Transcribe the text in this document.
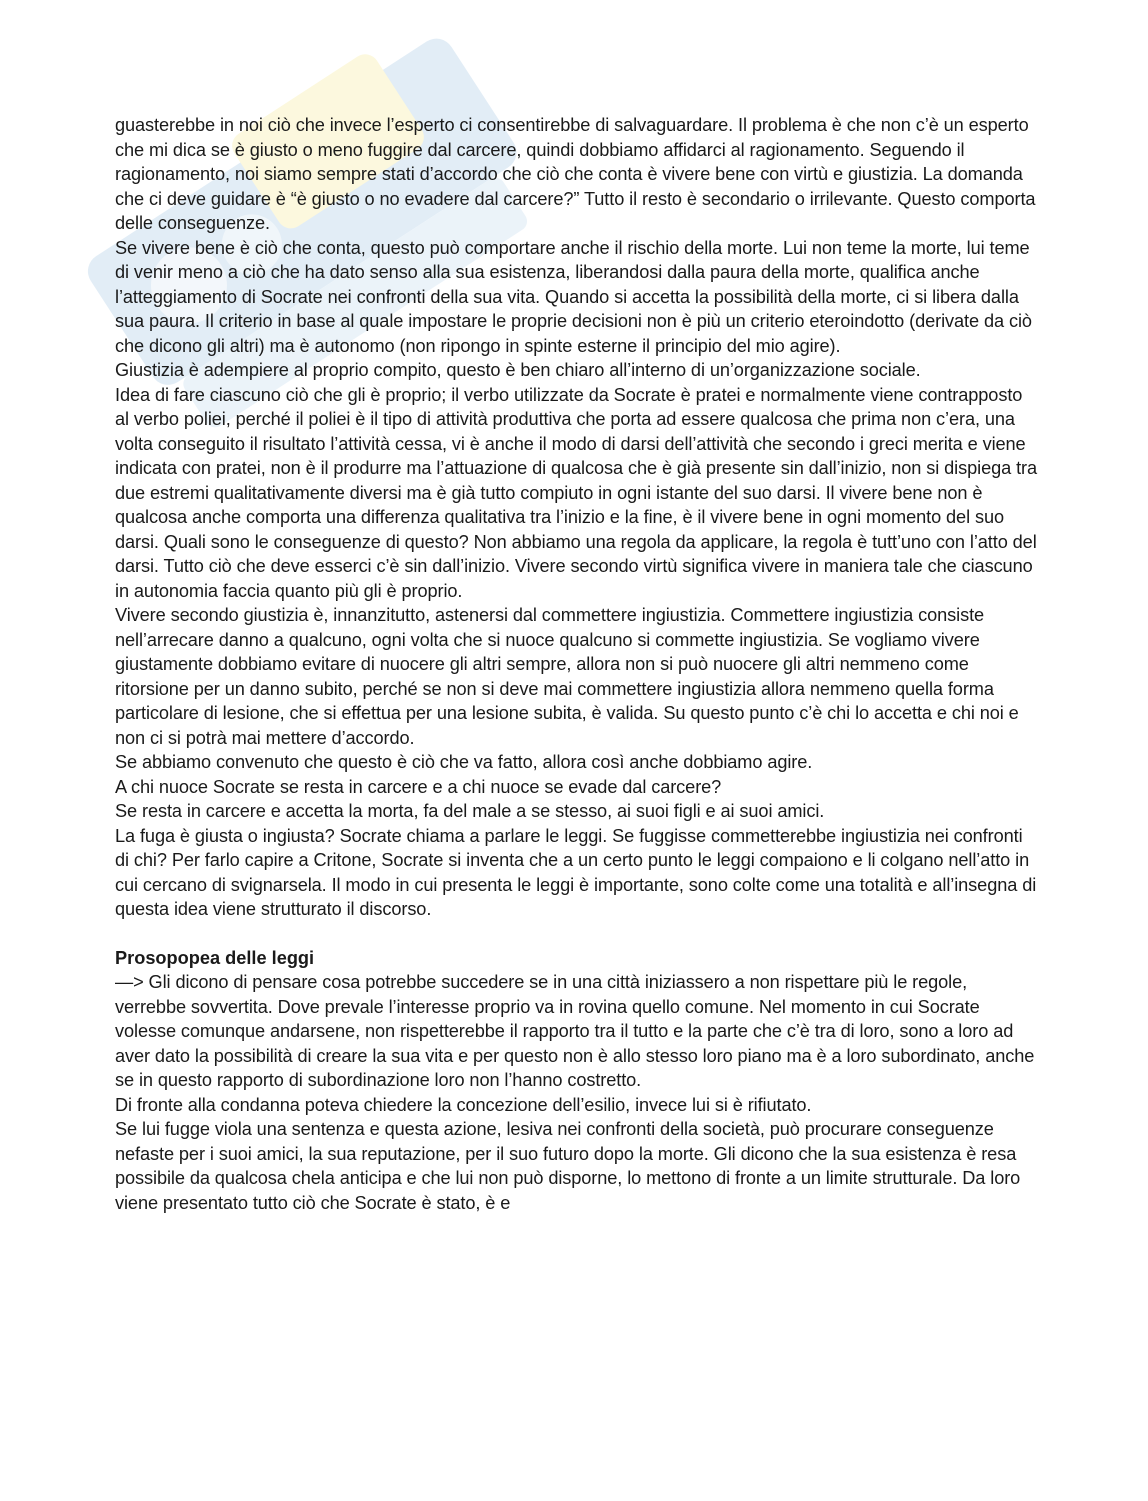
guasterebbe in noi ciò che invece l’esperto ci consentirebbe di salvaguardare. Il problema è che non c’è un esperto che mi dica se è giusto o meno fuggire dal carcere, quindi dobbiamo affidarci al ragionamento. Seguendo il ragionamento, noi siamo sempre stati d’accordo che ciò che conta è vivere bene con virtù e giustizia. La domanda che ci deve guidare è “è giusto o no evadere dal carcere?” Tutto il resto è secondario o irrilevante. Questo comporta delle conseguenze.

Se vivere bene è ciò che conta, questo può comportare anche il rischio della morte. Lui non teme la morte, lui teme di venir meno a ciò che ha dato senso alla sua esistenza, liberandosi dalla paura della morte, qualifica anche l’atteggiamento di Socrate nei confronti della sua vita. Quando si accetta la possibilità della morte, ci si libera dalla sua paura. Il criterio in base al quale impostare le proprie decisioni non è più un criterio eteroindotto (derivate da ciò che dicono gli altri) ma è autonomo (non ripongo in spinte esterne il principio del mio agire).

Giustizia è adempiere al proprio compito, questo è ben chiaro all’interno di un’organizzazione sociale.

Idea di fare ciascuno ciò che gli è proprio; il verbo utilizzate da Socrate è pratei e normalmente viene contrapposto al verbo poliei, perché il poliei è il tipo di attività produttiva che porta ad essere qualcosa che prima non c’era, una volta conseguito il risultato l’attività cessa, vi è anche il modo di darsi dell’attività che secondo i greci merita e viene indicata con pratei, non è il produrre ma l’attuazione di qualcosa che è già presente sin dall’inizio, non si dispiega tra due estremi qualitativamente diversi ma è già tutto compiuto in ogni istante del suo darsi. Il vivere bene non è qualcosa anche comporta una differenza qualitativa tra l’inizio e la fine, è il vivere bene in ogni momento del suo darsi. Quali sono le conseguenze di questo? Non abbiamo una regola da applicare, la regola è tutt’uno con l’atto del darsi. Tutto ciò che deve esserci c’è sin dall’inizio. Vivere secondo virtù significa vivere in maniera tale che ciascuno in autonomia faccia quanto più gli è proprio.

Vivere secondo giustizia è, innanzitutto, astenersi dal commettere ingiustizia. Commettere ingiustizia consiste nell’arrecare danno a qualcuno, ogni volta che si nuoce qualcuno si commette ingiustizia. Se vogliamo vivere giustamente dobbiamo evitare di nuocere gli altri sempre, allora non si può nuocere gli altri nemmeno come ritorsione per un danno subito, perché se non si deve mai commettere ingiustizia allora nemmeno quella forma particolare di lesione, che si effettua per una lesione subita, è valida. Su questo punto c’è chi lo accetta e chi noi e non ci si potrà mai mettere d’accordo.

Se abbiamo convenuto che questo è ciò che va fatto, allora così anche dobbiamo agire.

A chi nuoce Socrate se resta in carcere e a chi nuoce se evade dal carcere?

Se resta in carcere e accetta la morta, fa del male a se stesso, ai suoi figli e ai suoi amici.

La fuga è giusta o ingiusta? Socrate chiama a parlare le leggi. Se fuggisse commetterebbe ingiustizia nei confronti di chi? Per farlo capire a Critone, Socrate si inventa che a un certo punto le leggi compaiono e li colgano nell’atto in cui cercano di svignarsela. Il modo in cui presenta le leggi è importante, sono colte come una totalità e all’insegna di questa idea viene strutturato il discorso.

Prosopopea delle leggi

—> Gli dicono di pensare cosa potrebbe succedere se in una città iniziassero a non rispettare più le regole, verrebbe sovvertita. Dove prevale l’interesse proprio va in rovina quello comune. Nel momento in cui Socrate volesse comunque andarsene, non rispetterebbe il rapporto tra il tutto e la parte che c’è tra di loro, sono a loro ad aver dato la possibilità di creare la sua vita e per questo non è allo stesso loro piano ma è a loro subordinato, anche se in questo rapporto di subordinazione loro non l’hanno costretto.

Di fronte alla condanna poteva chiedere la concezione dell’esilio, invece lui si è rifiutato.

Se lui fugge viola una sentenza e questa azione, lesiva nei confronti della società, può procurare conseguenze nefaste per i suoi amici, la sua reputazione, per il suo futuro dopo la morte. Gli dicono che la sua esistenza è resa possibile da qualcosa chela anticipa e che lui non può disporne, lo mettono di fronte a un limite strutturale. Da loro viene presentato tutto ciò che Socrate è stato, è e
